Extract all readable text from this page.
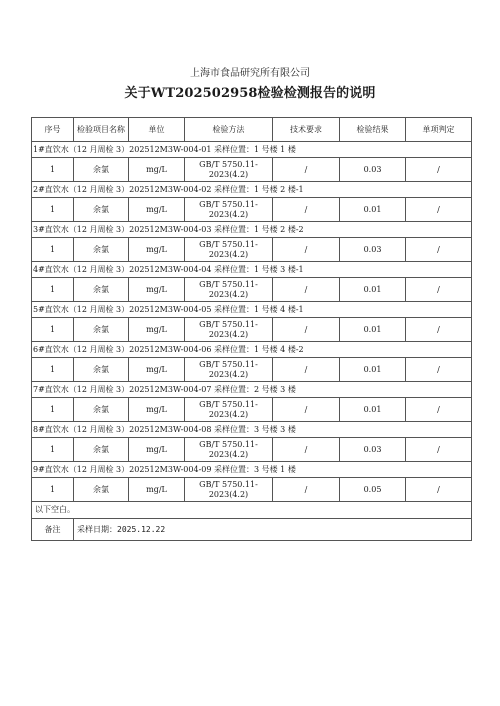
上海市食品研究所有限公司
关于WT202502958检验检测报告的说明
序号	检验项目名称	单位	检验方法	技术要求	检验结果	单项判定
1#直饮水（12 月周检 3）202512M3W-004-01 采样位置：1 号楼 1 楼						
1	余氯	mg/L	GB/T 5750.11-
2023(4.2)	/	0.03	/
2#直饮水（12 月周检 3）202512M3W-004-02 采样位置：1 号楼 2 楼-1						
1	余氯	mg/L	GB/T 5750.11-
2023(4.2)	/	0.01	/
3#直饮水（12 月周检 3）202512M3W-004-03 采样位置：1 号楼 2 楼-2						
1	余氯	mg/L	GB/T 5750.11-
2023(4.2)	/	0.03	/
4#直饮水（12 月周检 3）202512M3W-004-04 采样位置：1 号楼 3 楼-1						
1	余氯	mg/L	GB/T 5750.11-
2023(4.2)	/	0.01	/
5#直饮水（12 月周检 3）202512M3W-004-05 采样位置：1 号楼 4 楼-1						
1	余氯	mg/L	GB/T 5750.11-
2023(4.2)	/	0.01	/
6#直饮水（12 月周检 3）202512M3W-004-06 采样位置：1 号楼 4 楼-2						
1	余氯	mg/L	GB/T 5750.11-
2023(4.2)	/	0.01	/
7#直饮水（12 月周检 3）202512M3W-004-07 采样位置：2 号楼 3 楼						
1	余氯	mg/L	GB/T 5750.11-
2023(4.2)	/	0.01	/
8#直饮水（12 月周检 3）202512M3W-004-08 采样位置：3 号楼 3 楼						
1	余氯	mg/L	GB/T 5750.11-
2023(4.2)	/	0.03	/
9#直饮水（12 月周检 3）202512M3W-004-09 采样位置：3 号楼 1 楼						
1	余氯	mg/L	GB/T 5750.11-
2023(4.2)	/	0.05	/
以下空白。						
备注	采样日期：2025.12.22					
